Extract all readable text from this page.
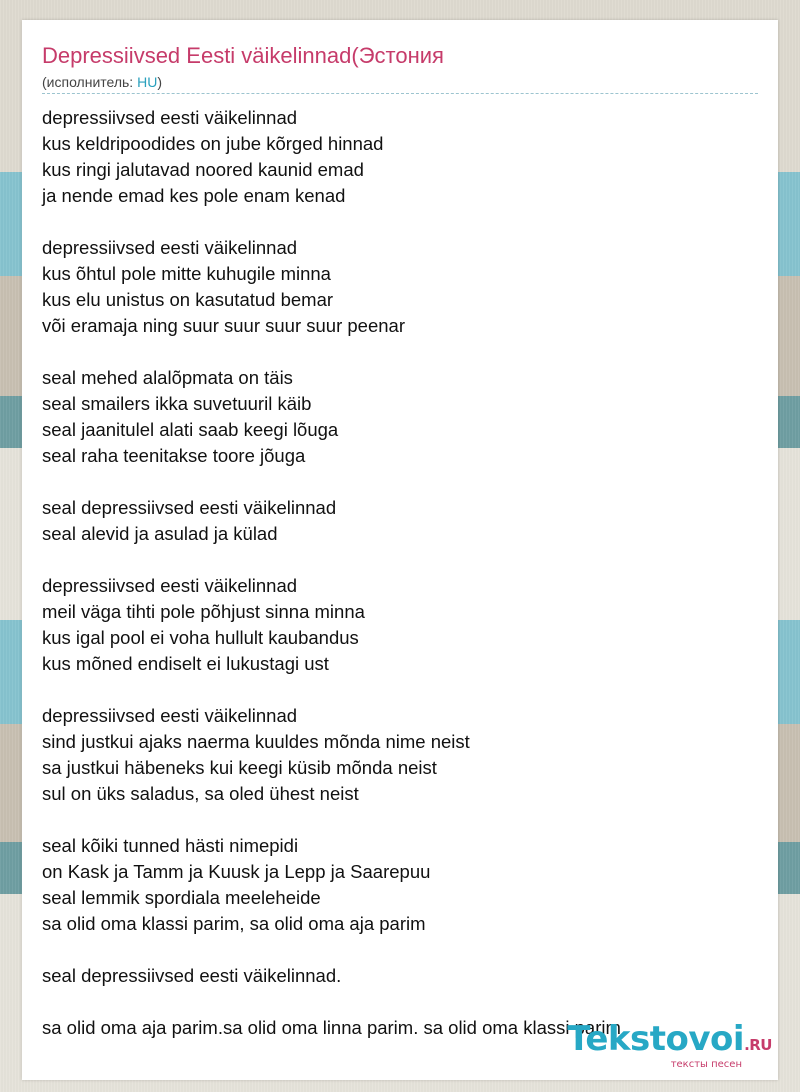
Depressiivsed Eesti väikelinnad(Эстония
(исполнитель: HU)
depressiivsed eesti väikelinnad
kus keldripoodides on jube kõrged hinnad
kus ringi jalutavad noored kaunid emad
ja nende emad kes pole enam kenad
depressiivsed eesti väikelinnad
kus õhtul pole mitte kuhugile minna
kus elu unistus on kasutatud bemar
või eramaja ning suur suur suur suur peenar
seal mehed alalõpmata on täis
seal smailers ikka suvetuuril käib
seal jaanitulel alati saab keegi lõuga
seal raha teenitakse toore jõuga
seal depressiivsed eesti väikelinnad
seal alevid ja asulad ja külad
depressiivsed eesti väikelinnad
meil väga tihti pole põhjust sinna minna
kus igal pool ei voha hullult kaubandus
kus mõned endiselt ei lukustagi ust
depressiivsed eesti väikelinnad
sind justkui ajaks naerma kuuldes mõnda nime neist
sa justkui häbeneks kui keegi küsib mõnda neist
sul on üks saladus, sa oled ühest neist
seal kõiki tunned hästi nimepidi
on Kask ja Tamm ja Kuusk ja Lepp ja Saarepuu
seal lemmik spordiala meeleheide
sa olid oma klassi parim, sa olid oma aja parim
seal depressiivsed eesti väikelinnad.
sa olid oma aja parim.sa olid oma linna parim. sa olid oma klassi parim
Tekstovoi.RU
тексты песен
